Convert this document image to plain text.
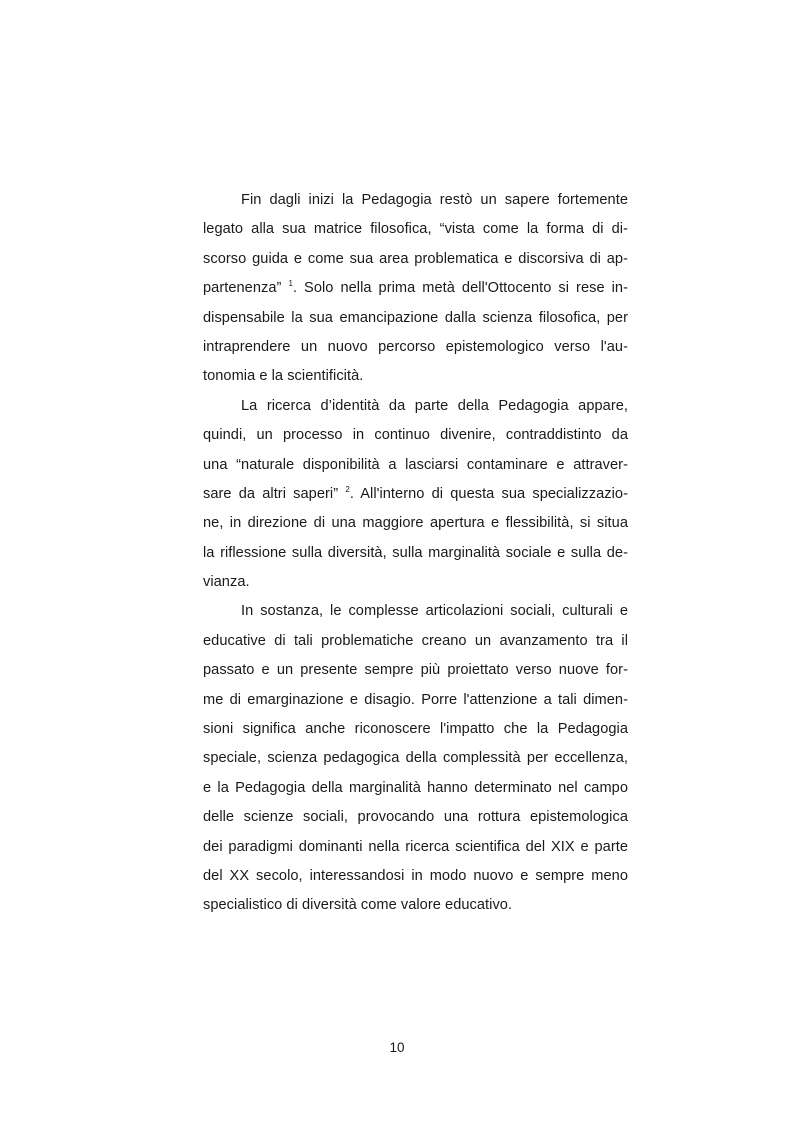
Fin dagli inizi la Pedagogia restò un sapere fortemente
legato alla sua matrice filosofica, “vista come la forma di di-
scorso guida e come sua area problematica e discorsiva di ap-
partenenza” $^1$. Solo nella prima metà dell'Ottocento si rese in-
dispensabile la sua emancipazione dalla scienza filosofica, per
intraprendere un nuovo percorso epistemologico verso l'au-
tonomia e la scientificità.
La ricerca d’identità da parte della Pedagogia appare,
quindi, un processo in continuo divenire, contraddistinto da
una “naturale disponibilità a lasciarsi contaminare e attraver-
sare da altri saperi” $^2$. All'interno di questa sua specializzazio-
ne, in direzione di una maggiore apertura e flessibilità, si situa
la riflessione sulla diversità, sulla marginalità sociale e sulla de-
vianza.
In sostanza, le complesse articolazioni sociali, culturali e
educative di tali problematiche creano un avanzamento tra il
passato e un presente sempre più proiettato verso nuove for-
me di emarginazione e disagio. Porre l'attenzione a tali dimen-
sioni significa anche riconoscere l'impatto che la Pedagogia
speciale, scienza pedagogica della complessità per eccellenza,
e la Pedagogia della marginalità hanno determinato nel campo
delle scienze sociali, provocando una rottura epistemologica
dei paradigmi dominanti nella ricerca scientifica del XIX e parte
del XX secolo, interessandosi in modo nuovo e sempre meno
specialistico di diversità come valore educativo.
10
